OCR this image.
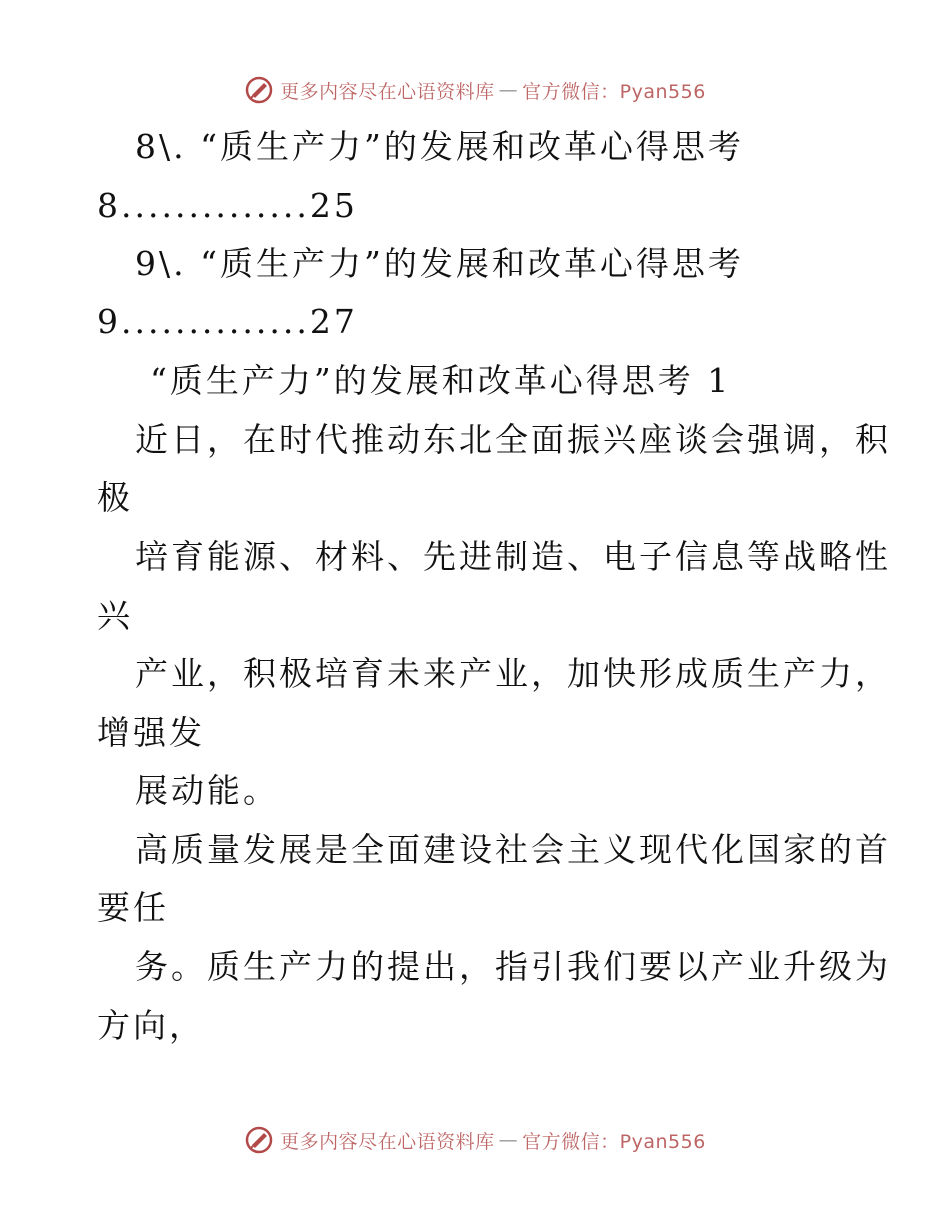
更多内容尽在心语资料库 — 官方微信：Pyan556
8\. “质生产力”的发展和改革心得思考
8..............25
9\. “质生产力”的发展和改革心得思考
9..............27
“质生产力”的发展和改革心得思考 1
近日，在时代推动东北全面振兴座谈会强调，积
极
培育能源、材料、先进制造、电子信息等战略性
兴
产业，积极培育未来产业，加快形成质生产力，
增强发
展动能。
高质量发展是全面建设社会主义现代化国家的首
要任
务。质生产力的提出，指引我们要以产业升级为
方向，
更多内容尽在心语资料库 — 官方微信：Pyan556
